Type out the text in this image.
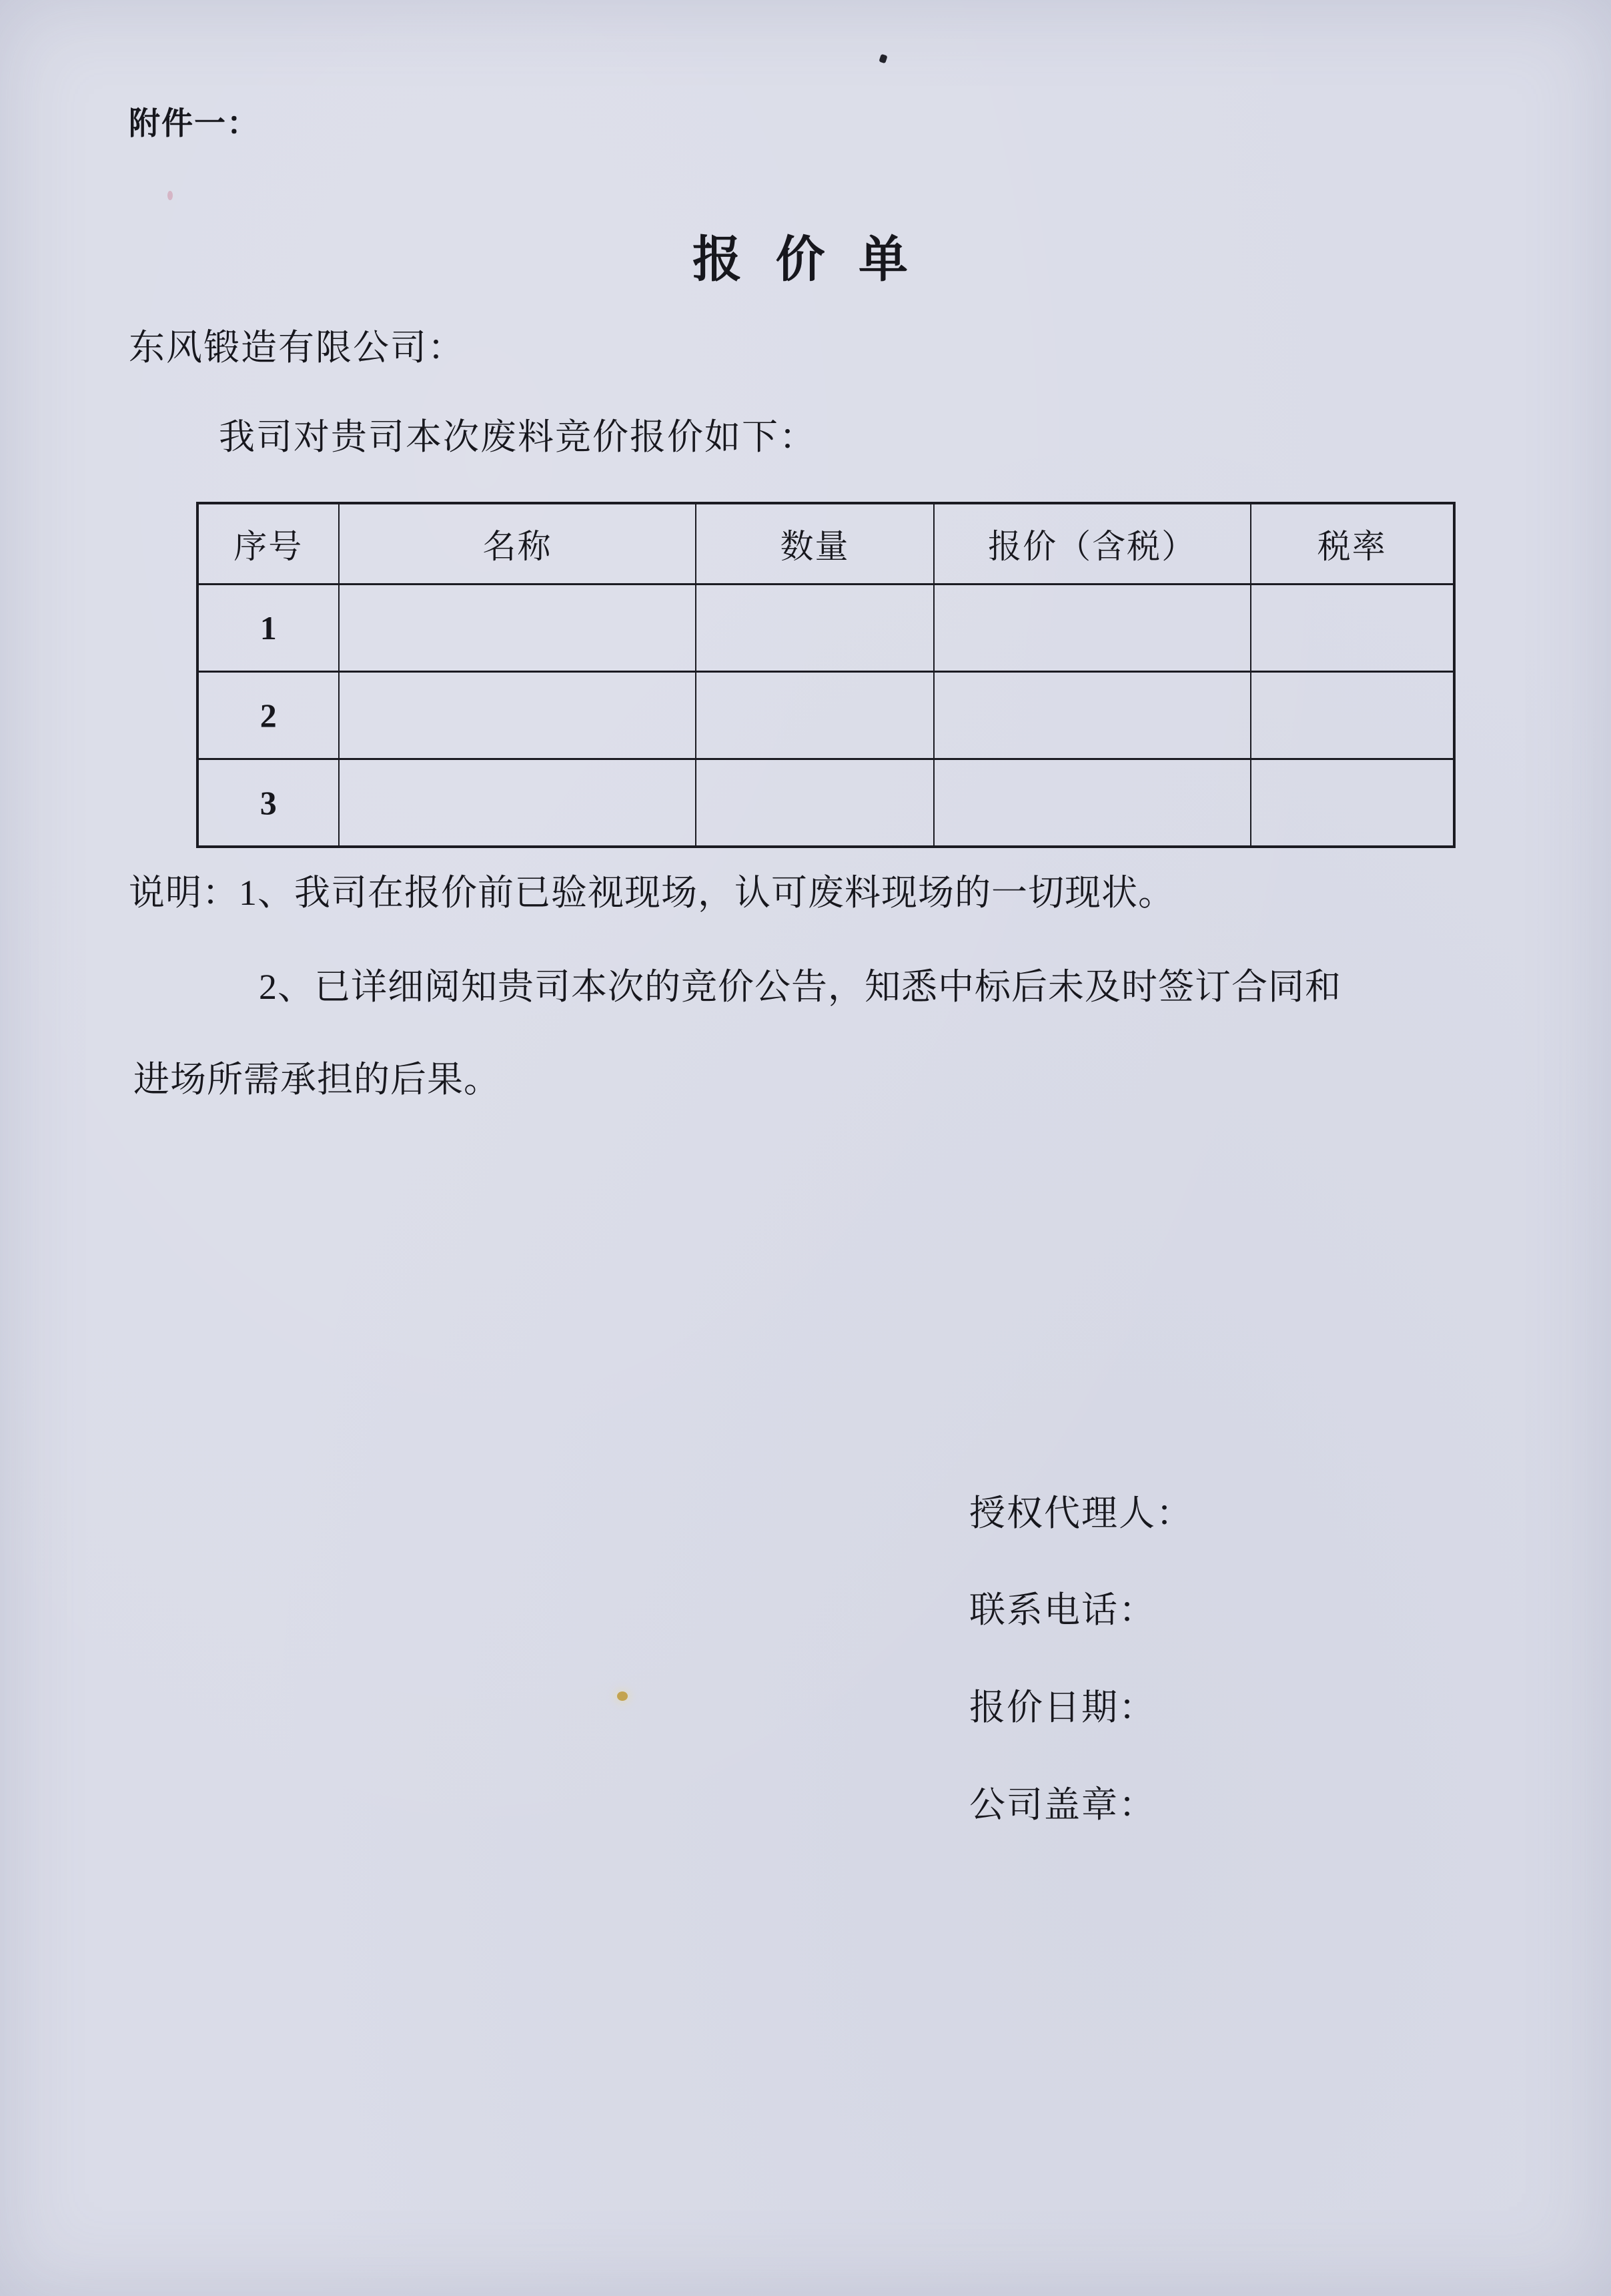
附件一：
报 价 单
东风锻造有限公司：
我司对贵司本次废料竞价报价如下：
序号	名称	数量	报价（含税）	税率
1				
2				
3				
说明：1、我司在报价前已验视现场，认可废料现场的一切现状。
2、已详细阅知贵司本次的竞价公告，知悉中标后未及时签订合同和
进场所需承担的后果。
授权代理人：
联系电话：
报价日期：
公司盖章：
